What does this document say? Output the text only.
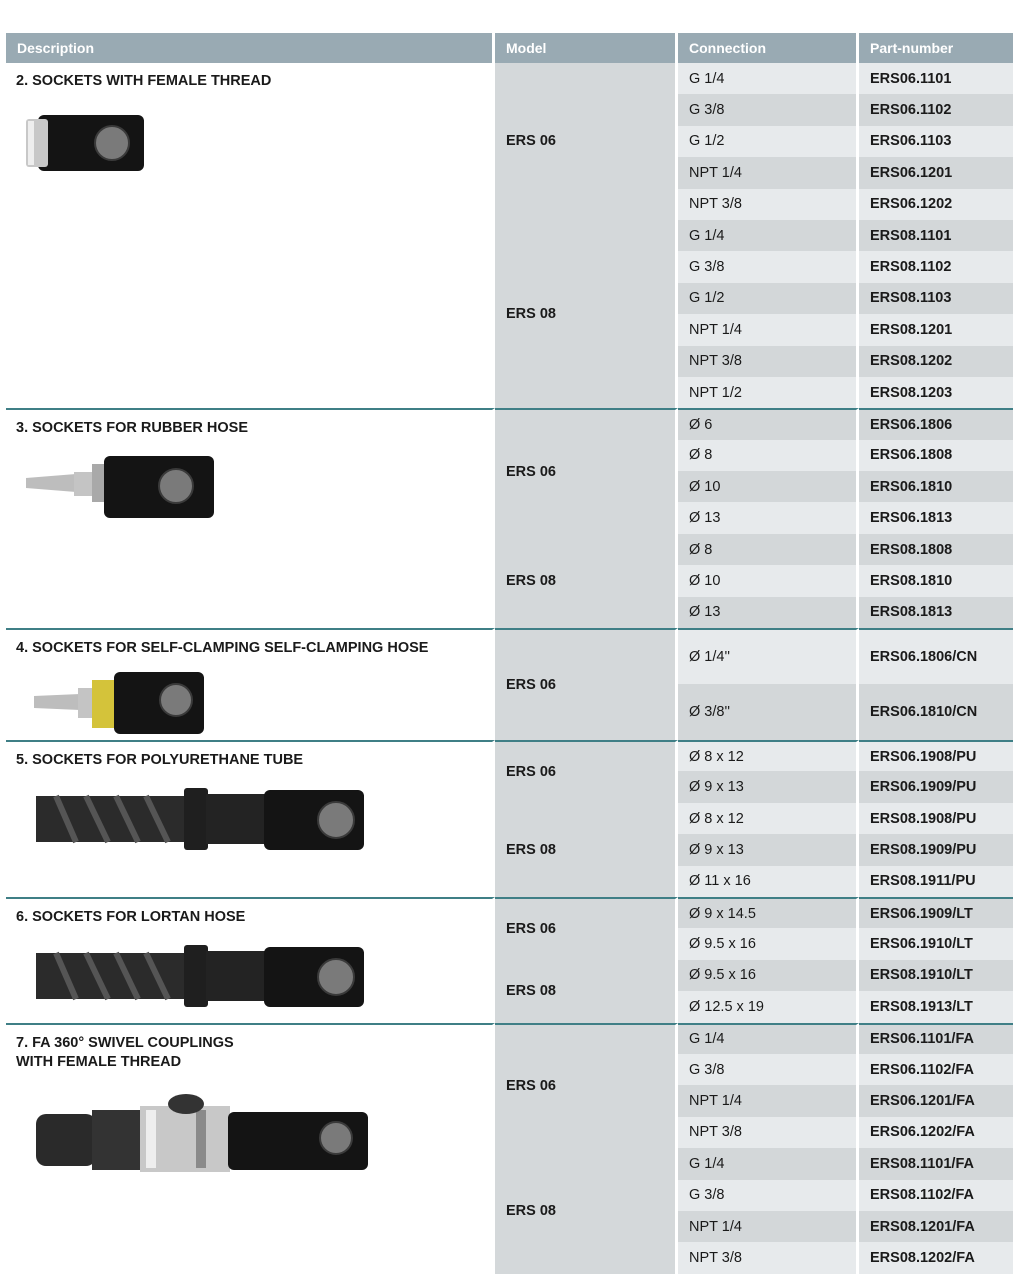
Description	Model	Connection	Part-number

2. SOCKETS WITH FEMALE THREAD	ERS 06	G 1/4	ERS06.1101
		G 3/8	ERS06.1102
		G 1/2	ERS06.1103
		NPT 1/4	ERS06.1201
		NPT 3/8	ERS06.1202
	ERS 08	G 1/4	ERS08.1101
		G 3/8	ERS08.1102
		G 1/2	ERS08.1103
		NPT 1/4	ERS08.1201
		NPT 3/8	ERS08.1202
		NPT 1/2	ERS08.1203

3. SOCKETS FOR RUBBER HOSE	ERS 06	Ø 6	ERS06.1806
		Ø 8	ERS06.1808
		Ø 10	ERS06.1810
		Ø 13	ERS06.1813
	ERS 08	Ø 8	ERS08.1808
		Ø 10	ERS08.1810
		Ø 13	ERS08.1813

4. SOCKETS FOR SELF-CLAMPING SELF-CLAMPING HOSE	ERS 06	Ø 1/4''	ERS06.1806/CN
		Ø 3/8''	ERS06.1810/CN

5. SOCKETS FOR POLYURETHANE TUBE	ERS 06	Ø 8 x 12	ERS06.1908/PU
		Ø 9 x 13	ERS06.1909/PU
	ERS 08	Ø 8 x 12	ERS08.1908/PU
		Ø 9 x 13	ERS08.1909/PU
		Ø 11 x 16	ERS08.1911/PU

6. SOCKETS FOR LORTAN HOSE	ERS 06	Ø 9 x 14.5	ERS06.1909/LT
		Ø 9.5 x 16	ERS06.1910/LT
	ERS 08	Ø 9.5 x 16	ERS08.1910/LT
		Ø 12.5 x 19	ERS08.1913/LT

7. FA 360° SWIVEL COUPLINGS
WITH FEMALE THREAD	ERS 06	G 1/4	ERS06.1101/FA
		G 3/8	ERS06.1102/FA
		NPT 1/4	ERS06.1201/FA
		NPT 3/8	ERS06.1202/FA
	ERS 08	G 1/4	ERS08.1101/FA
		G 3/8	ERS08.1102/FA
		NPT 1/4	ERS08.1201/FA
		NPT 3/8	ERS08.1202/FA
